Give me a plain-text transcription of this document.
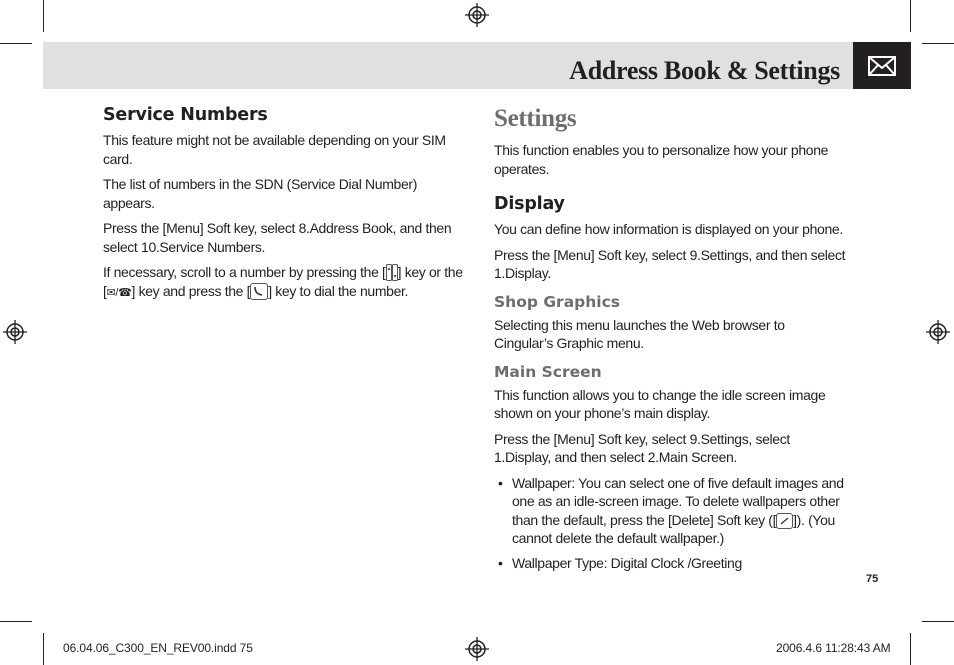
Address Book & Settings
Service Numbers

This feature might not be available depending on your SIM card.

The list of numbers in the SDN (Service Dial Number) appears.

Press the [Menu] Soft key, select 8.Address Book, and then select 10.Service Numbers.

If necessary, scroll to a number by pressing the [ ] key or the [✉/☎] key and press the [ ] key to dial the number.

Settings

This function enables you to personalize how your phone operates.

Display

You can define how information is displayed on your phone.

Press the [Menu] Soft key, select 9.Settings, and then select 1.Display.

Shop Graphics

Selecting this menu launches the Web browser to Cingular’s Graphic menu.

Main Screen

This function allows you to change the idle screen image shown on your phone’s main display.

Press the [Menu] Soft key, select 9.Settings, select 1.Display, and then select 2.Main Screen.

• Wallpaper: You can select one of five default images and one as an idle-screen image. To delete wallpapers other than the default, press the [Delete] Soft key ([ ]). (You cannot delete the default wallpaper.)
• Wallpaper Type: Digital Clock /Greeting
75
06.04.06_C300_EN_REV00.indd 75	2006.4.6 11:28:43 AM
